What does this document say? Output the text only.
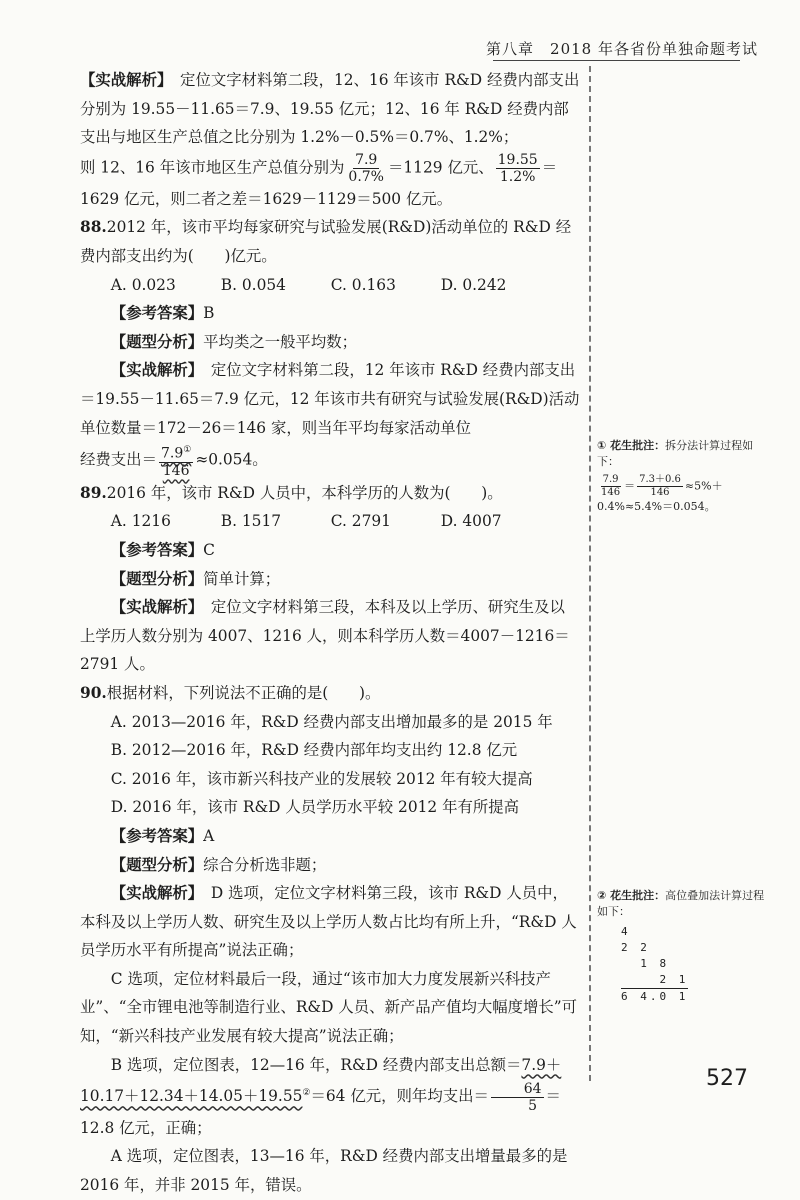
第八章　2018 年各省份单独命题考试

【实战解析】　定位文字材料第二段，12、16 年该市 R&D 经费内部支出分别为 19.55－11.65＝7.9、19.55 亿元；12、16 年 R&D 经费内部支出与地区生产总值之比分别为 1.2%－0.5%＝0.7%、1.2%；

则 12、16 年该市地区生产总值分别为 $\frac{7.9}{0.7\%} =1129$ 亿元、 $\frac{19.55}{1.2\%}$ ＝

1629 亿元，则二者之差＝1629－1129＝500 亿元。

88.2012 年，该市平均每家研究与试验发展(R&D)活动单位的 R&D 经费内部支出约为(　　)亿元。

A. 0.023	B. 0.054	C. 0.163	D. 0.242

【参考答案】B

【题型分析】平均类之一般平均数；

【实战解析】　定位文字材料第二段，12 年该市 R&D 经费内部支出＝19.55－11.65＝7.9 亿元，12 年该市共有研究与试验发展(R&D)活动单位数量＝172－26＝146 家，则当年平均每家活动单位

经费支出＝ $\frac{7.9^①}{146} \approx 0.054$。

89.2016 年，该市 R&D 人员中，本科学历的人数为(　　)。

A. 1216	B. 1517	C. 2791	D. 4007

【参考答案】C

【题型分析】简单计算；

【实战解析】　定位文字材料第三段，本科及以上学历、研究生及以上学历人数分别为 4007、1216 人，则本科学历人数＝4007－1216＝2791 人。

90.根据材料，下列说法不正确的是(　　)。

A. 2013—2016 年，R&D 经费内部支出增加最多的是 2015 年

B. 2012—2016 年，R&D 经费内部年均支出约 12.8 亿元

C. 2016 年，该市新兴科技产业的发展较 2012 年有较大提高

D. 2016 年，该市 R&D 人员学历水平较 2012 年有所提高

【参考答案】A

【题型分析】综合分析选非题；

【实战解析】　D 选项，定位文字材料第三段，该市 R&D 人员中，本科及以上学历人数、研究生及以上学历人数占比均有所上升，“R&D 人员学历水平有所提高”说法正确；

C 选项，定位材料最后一段，通过“该市加大力度发展新兴科技产业”、“全市锂电池等制造行业、R&D 人员、新产品产值均大幅度增长”可知，“新兴科技产业发展有较大提高”说法正确；

B 选项，定位图表，12—16 年，R&D 经费内部支出总额＝7.9＋10.17＋12.34＋14.05＋19.55②＝64 亿元，则年均支出＝ $\frac{64}{5} =12.8$ 亿元，正确；

A 选项，定位图表，13—16 年，R&D 经费内部支出增量最多的是 2016 年，并非 2015 年，错误。

① 花生批注：拆分法计算过程如下：
$\frac{7.9}{146} = \frac{7.3+0.6}{146} \approx 5\%+0.4\%\approx 5.4\%=0.054$。
② 花生批注：高位叠加法计算过程如下：
4
2 2
1 8
2 1
6 4.0 1
527
